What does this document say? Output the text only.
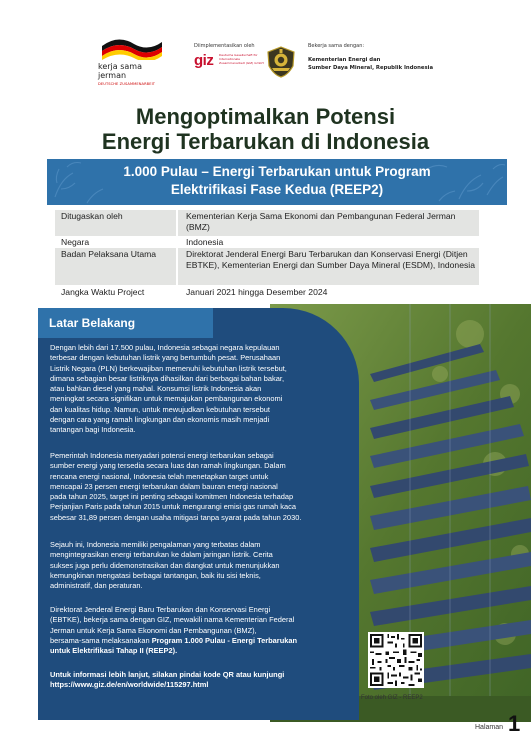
kerja sama
jerman
DEUTSCHE ZUSAMMENARBEIT
Diimplementasikan oleh
giz Deutsche Gesellschaft für Internationale Zusammenarbeit (GIZ) GmbH
Bekerja sama dengan:
Kementerian Energi dan
Sumber Daya Mineral, Republik Indonesia
Mengoptimalkan Potensi
Energi Terbarukan di Indonesia
1.000 Pulau – Energi Terbarukan untuk Program
Elektrifikasi Fase Kedua (REEP2)
Ditugaskan oleh	Kementerian Kerja Sama Ekonomi dan Pembangunan Federal Jerman (BMZ)
Negara	Indonesia
Badan Pelaksana Utama	Direktorat Jenderal Energi Baru Terbarukan dan Konservasi Energi (Ditjen EBTKE), Kementerian Energi dan Sumber Daya Mineral (ESDM), Indonesia
Jangka Waktu Project	Januari 2021 hingga Desember 2024
Latar Belakang
Dengan lebih dari 17.500 pulau, Indonesia sebagai negara kepulauan
terbesar dengan kebutuhan listrik yang bertumbuh pesat. Perusahaan
Listrik Negara (PLN) berkewajiban memenuhi kebutuhan listrik tersebut,
dimana sebagian besar listriknya dihasilkan dari berbagai bahan bakar,
atau bahkan diesel yang mahal. Konsumsi listrik Indonesia akan
meningkat secara signifikan untuk memajukan pembangunan ekonomi
dan kualitas hidup. Namun, untuk mewujudkan kebutuhan tersebut
dengan cara yang ramah lingkungan dan ekonomis masih menjadi
tantangan bagi Indonesia.
Pemerintah Indonesia menyadari potensi energi terbarukan sebagai
sumber energi yang tersedia secara luas dan ramah lingkungan. Dalam
rencana energi nasional, Indonesia telah menetapkan target untuk
mencapai 23 persen energi terbarukan dalam bauran energi nasional
pada tahun 2025, target ini penting sebagai komitmen Indonesia terhadap
Perjanjian Paris pada tahun 2015 untuk mengurangi emisi gas rumah kaca
sebesar 31,89 persen dengan usaha mitigasi tanpa syarat pada tahun 2030.
Sejauh ini, Indonesia memiliki pengalaman yang terbatas dalam
mengintegrasikan energi terbarukan ke dalam jaringan listrik. Cerita
sukses juga perlu didemonstrasikan dan diangkat untuk menunjukkan
kemungkinan mengatasi berbagai tantangan, baik itu sisi teknis,
administratif, dan peraturan.
Direktorat Jenderal Energi Baru Terbarukan dan Konservasi Energi
(EBTKE), bekerja sama dengan GIZ, mewakili nama Kementerian Federal
Jerman untuk Kerja Sama Ekonomi dan Pembangunan (BMZ),
bersama-sama melaksanakan Program 1.000 Pulau - Energi Terbarukan
untuk Elektrifikasi Tahap II (REEP2).
Untuk informasi lebih lanjut, silakan pindai kode QR atau kunjungi
https://www.giz.de/en/worldwide/115297.html
Foto oleh GIZ - REEP2
Halaman 1
